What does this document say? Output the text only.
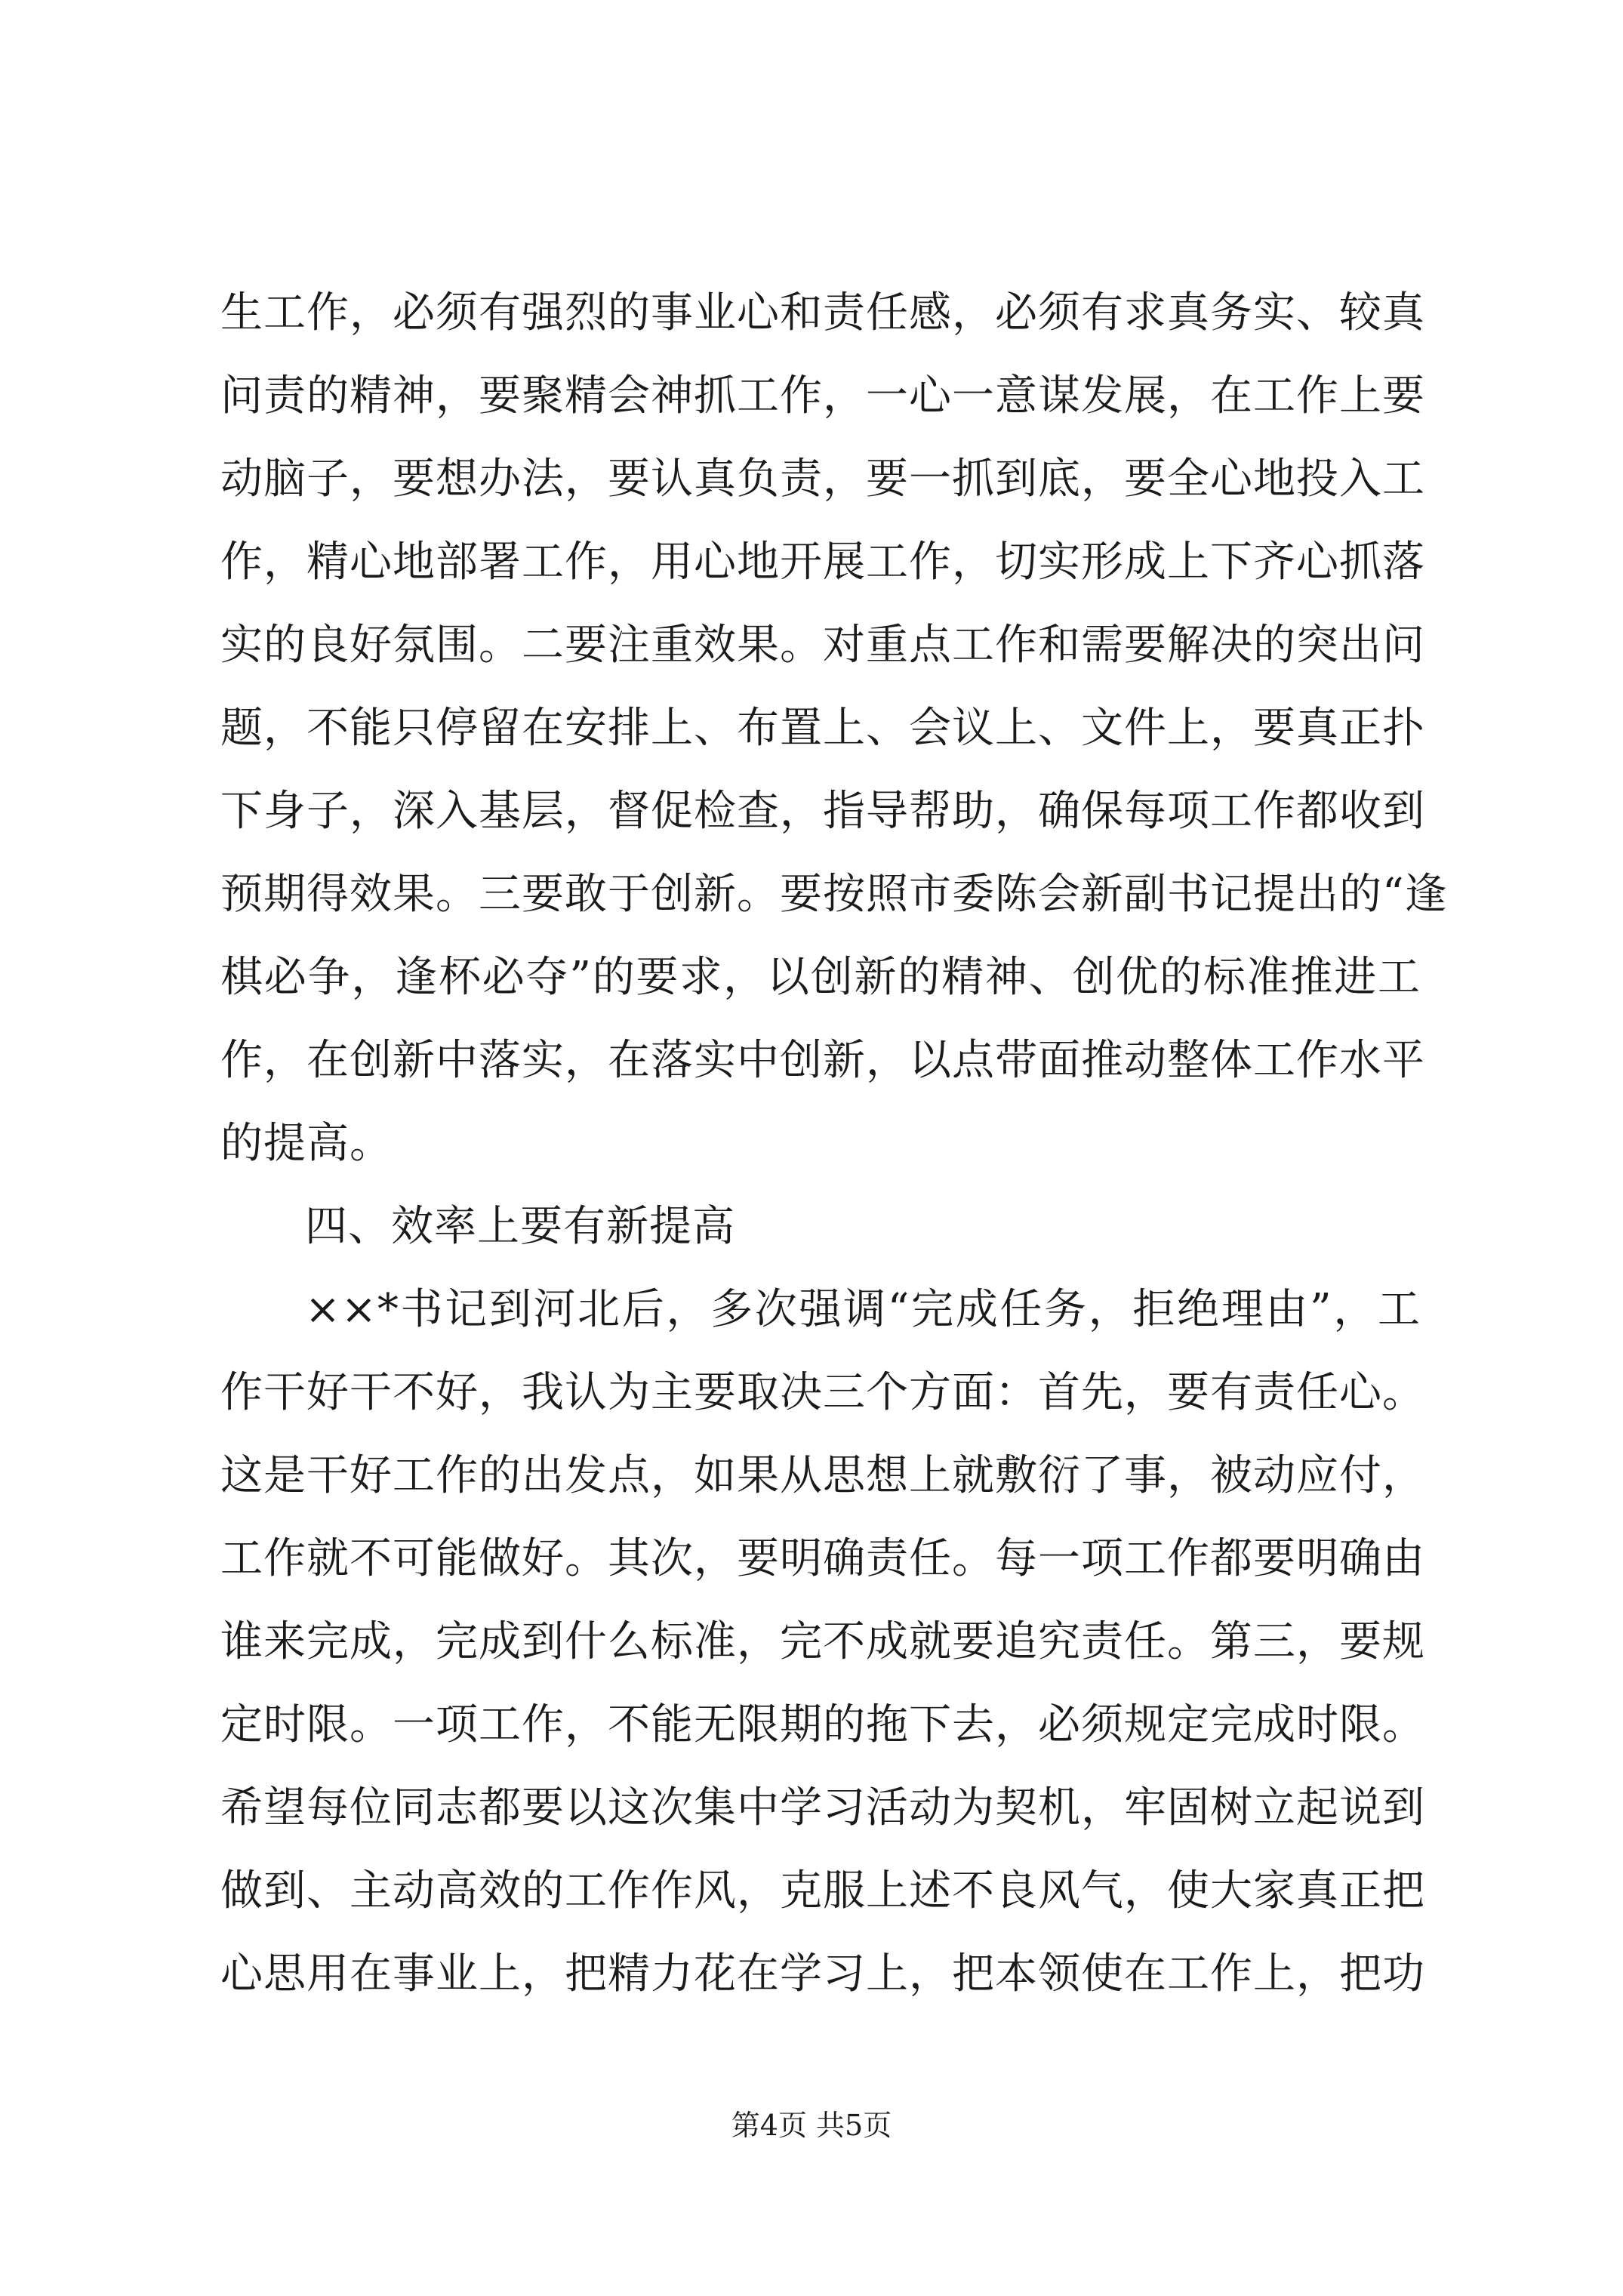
生工作，必须有强烈的事业心和责任感，必须有求真务实、较真
问责的精神，要聚精会神抓工作，一心一意谋发展，在工作上要
动脑子，要想办法，要认真负责，要一抓到底，要全心地投入工
作，精心地部署工作，用心地开展工作，切实形成上下齐心抓落
实的良好氛围。二要注重效果。对重点工作和需要解决的突出问
题，不能只停留在安排上、布置上、会议上、文件上，要真正扑
下身子，深入基层，督促检查，指导帮助，确保每项工作都收到
预期得效果。三要敢于创新。要按照市委陈会新副书记提出的“逢
棋必争，逢杯必夺”的要求，以创新的精神、创优的标准推进工
作，在创新中落实，在落实中创新，以点带面推动整体工作水平
的提高。
四、效率上要有新提高
××*书记到河北后，多次强调“完成任务，拒绝理由”，工
作干好干不好，我认为主要取决三个方面：首先，要有责任心。
这是干好工作的出发点，如果从思想上就敷衍了事，被动应付，
工作就不可能做好。其次，要明确责任。每一项工作都要明确由
谁来完成，完成到什么标准，完不成就要追究责任。第三，要规
定时限。一项工作，不能无限期的拖下去，必须规定完成时限。
希望每位同志都要以这次集中学习活动为契机，牢固树立起说到
做到、主动高效的工作作风，克服上述不良风气，使大家真正把
心思用在事业上，把精力花在学习上，把本领使在工作上，把功
第4页 共5页
